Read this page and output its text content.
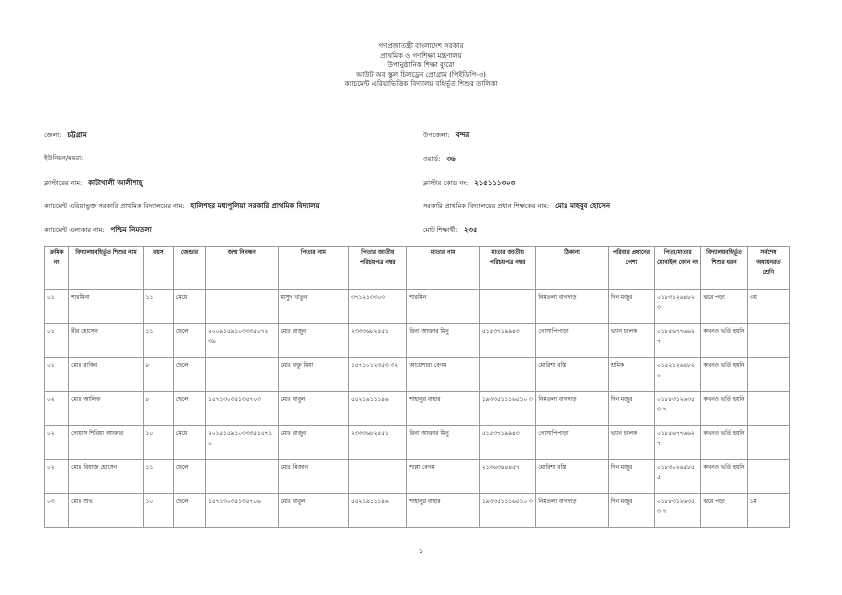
গণপ্রজাতন্ত্রী বাংলাদেশ সরকার
প্রাথমিক ও গণশিক্ষা মন্ত্রণালয়
উপানুষ্ঠানিক শিক্ষা ব্যুরো
আউট অব স্কুল চিলড্রেন প্রোগ্রাম (পিইডিপি-৩)
ক্যাচমেন্ট এরিয়াভিত্তিক বিদ্যালয় বহির্ভূত শিশুর তালিকা
জেলা: চট্টগ্রাম	উপজেলা: বন্দর
ইউনিয়ন/ময়রা:	ওয়ার্ড: ৩৬
ক্লাস্টারের নাম: কাটাখালী আলীশাহ্	ক্লাস্টার কোড নং: ২১৫১১১৩০৩
ক্যাচমেন্ট এরিয়াভুক্ত সরকারি প্রাথমিক বিদ্যালয়ের নাম: হালিশহর মধ্যপুলিয়া সরকারি প্রাথমিক বিদ্যালয়	সরকারি প্রাথমিক বিদ্যালয়ের প্রধান শিক্ষকের নাম: মোঃ মাহবুব হোসেন
ক্যাচমেন্ট এলাকার নাম: পশ্চিম নিমতলা	মোট শিক্ষার্থী: ২৩৫
ক্রমিক নং	বিদ্যালয়বহির্ভূত শিশুর নাম	বয়স	জেন্ডার	জন্ম নিবন্ধন	পিতার নাম	পিতার জাতীয় পরিচয়পত্র নম্বর	মাতার নাম	মাতার জাতীয় পরিচয়পত্র নম্বর	ঠিকানা	পরিবার প্রধানের পেশা	পিতা/মাতার মোবাইল ফোন নং	বিদ্যালয়বহির্ভূত শিশুর ধরন	সর্বশেষ অধ্যয়নরত শ্রেণি
০১	শারমিনা	১১	মেয়ে		মাসুদ খাতুন	৩৭১২১৩৩০৩	শারমিন		নিমতলা বাগদাড়	দিন মজুর	০১৮৩১২৬৪৮২ ৩	ঝরে পড়া	৩য়
০১	মীর হোসেন	১১	ছেলে	২০০৯১৫৯১০৩৩৩৫০৭২ ৩৯	মোঃ রাজুব	২৩৩৩৬৮২৫৫১	রিনা আক্তার মিনু	৫১৫৩৭১৯৯৪৩	গোসাপিপাড়া	ভ্যান চালক	০১৮৫৬৭৭৬৬২ ৭	কখনও ভর্তি হয়নি	
০১	মোঃ রাকিব	৮	ছেলে		মোঃ বক্তু মিয়া	১৫৭১০১২৩৫৩ ৩২	আয়েশারা বেগম		মোরিশা বস্তি	শ্রমিক	০১৫২১২৬৪৮২ ০	কখনও ভর্তি হয়নি	
০২	মোঃ আলিফ	৮	ছেলে	১৫৭১৩০৩৫১৩৫৭০৩	মোঃ বাবুল	৫৫২১৯১১১৪৬	শাহানুর বাহার	১৯৩৩৫১১১৬৫১০ ৩	নিমতলা বাগদাড়	দিন মজুর	০১৮৮৩১২৬৩৫৩ ৭	কখনও ভর্তি হয়নি	
০২	দোয়াস শিরিয়া আক্তার	১০	মেয়ে	২০১৫১৫৯১০৩৩৩৫১৫৭১ ০	মোঃ রাজুব	২৩৩৩৬৮২৫৫১	রিনা আক্তার মিনু	৫১৫৩৭১৯৯৪৩	গোসাপিপাড়া	ভ্যান চালক	০১৮৫৬৭৭৬৬২ ৭	কখনও ভর্তি হয়নি	
০২	মোঃ রিয়াজ হোসেন	১১	ছেলে		মোঃ মিজান		শাপ্লা বেগম	২১৩৬৩৪৪৪৫৭	মোরিশা বস্তি	দিন মজুর	০১৮৩০২৬৫৮৫ ৫	কখনও ভর্তি হয়নি	
০৩	মোঃ শুভ	১০	ছেলে	১৫৭১৩০৩৫১৩৫৭০৬	মোঃ বাবুল	৫৫২১৯১১১৪৬	শাহানুর বাহার	১৯৩৩৫১১১৬৫১০ ৩	নিমতলা বাগদাড়	দিন মজুর	০১৮৮৩১২৬৩৫৩ ৭	ঝরে পড়া	১ম
১
